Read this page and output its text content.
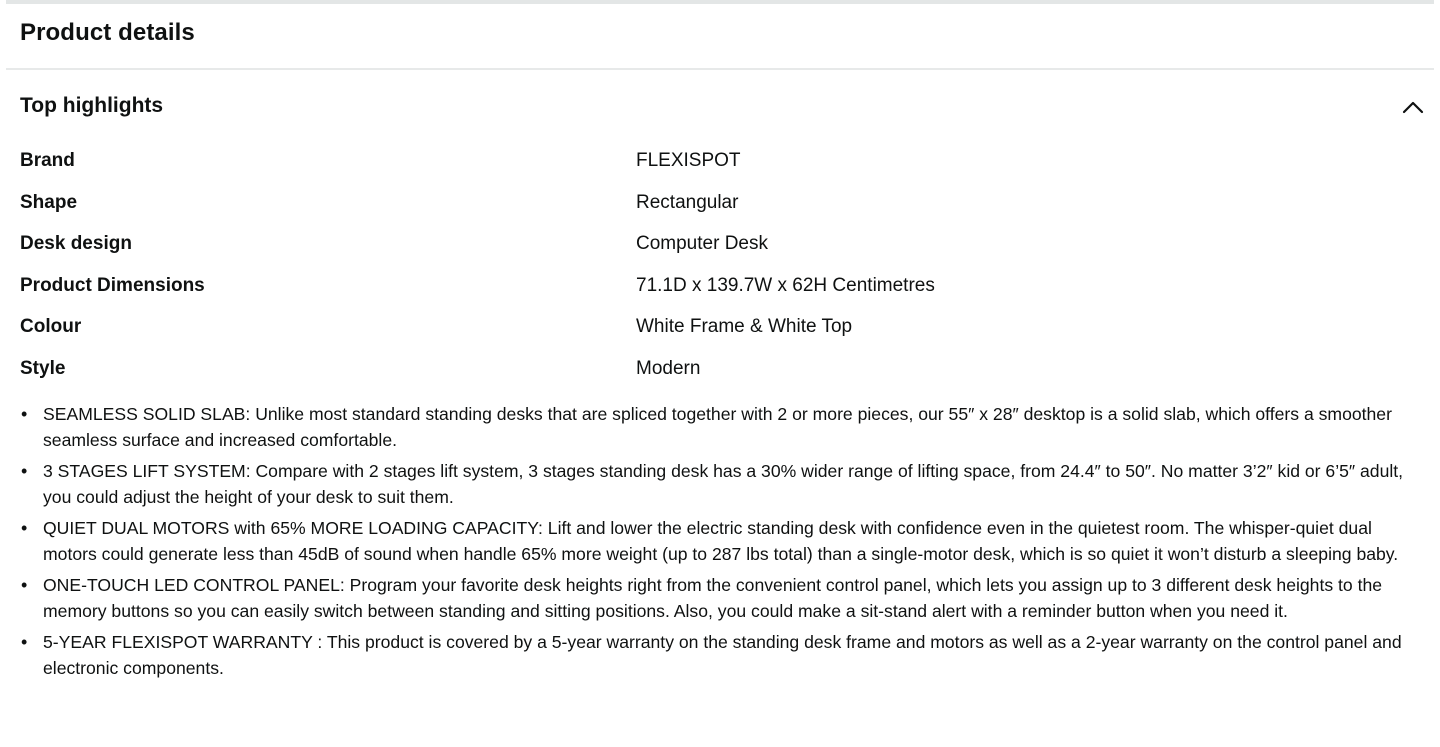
Product details
Top highlights
Brand	FLEXISPOT
Shape	Rectangular
Desk design	Computer Desk
Product Dimensions	71.1D x 139.7W x 62H Centimetres
Colour	White Frame & White Top
Style	Modern
• SEAMLESS SOLID SLAB: Unlike most standard standing desks that are spliced together with 2 or more pieces, our 55″ x 28″ desktop is a solid slab, which offers a smoother seamless surface and increased comfortable.
• 3 STAGES LIFT SYSTEM: Compare with 2 stages lift system, 3 stages standing desk has a 30% wider range of lifting space, from 24.4″ to 50″. No matter 3’2″ kid or 6’5″ adult, you could adjust the height of your desk to suit them.
• QUIET DUAL MOTORS with 65% MORE LOADING CAPACITY: Lift and lower the electric standing desk with confidence even in the quietest room. The whisper-quiet dual motors could generate less than 45dB of sound when handle 65% more weight (up to 287 lbs total) than a single-motor desk, which is so quiet it won’t disturb a sleeping baby.
• ONE-TOUCH LED CONTROL PANEL: Program your favorite desk heights right from the convenient control panel, which lets you assign up to 3 different desk heights to the memory buttons so you can easily switch between standing and sitting positions. Also, you could make a sit-stand alert with a reminder button when you need it.
• 5-YEAR FLEXISPOT WARRANTY : This product is covered by a 5-year warranty on the standing desk frame and motors as well as a 2-year warranty on the control panel and electronic components.
